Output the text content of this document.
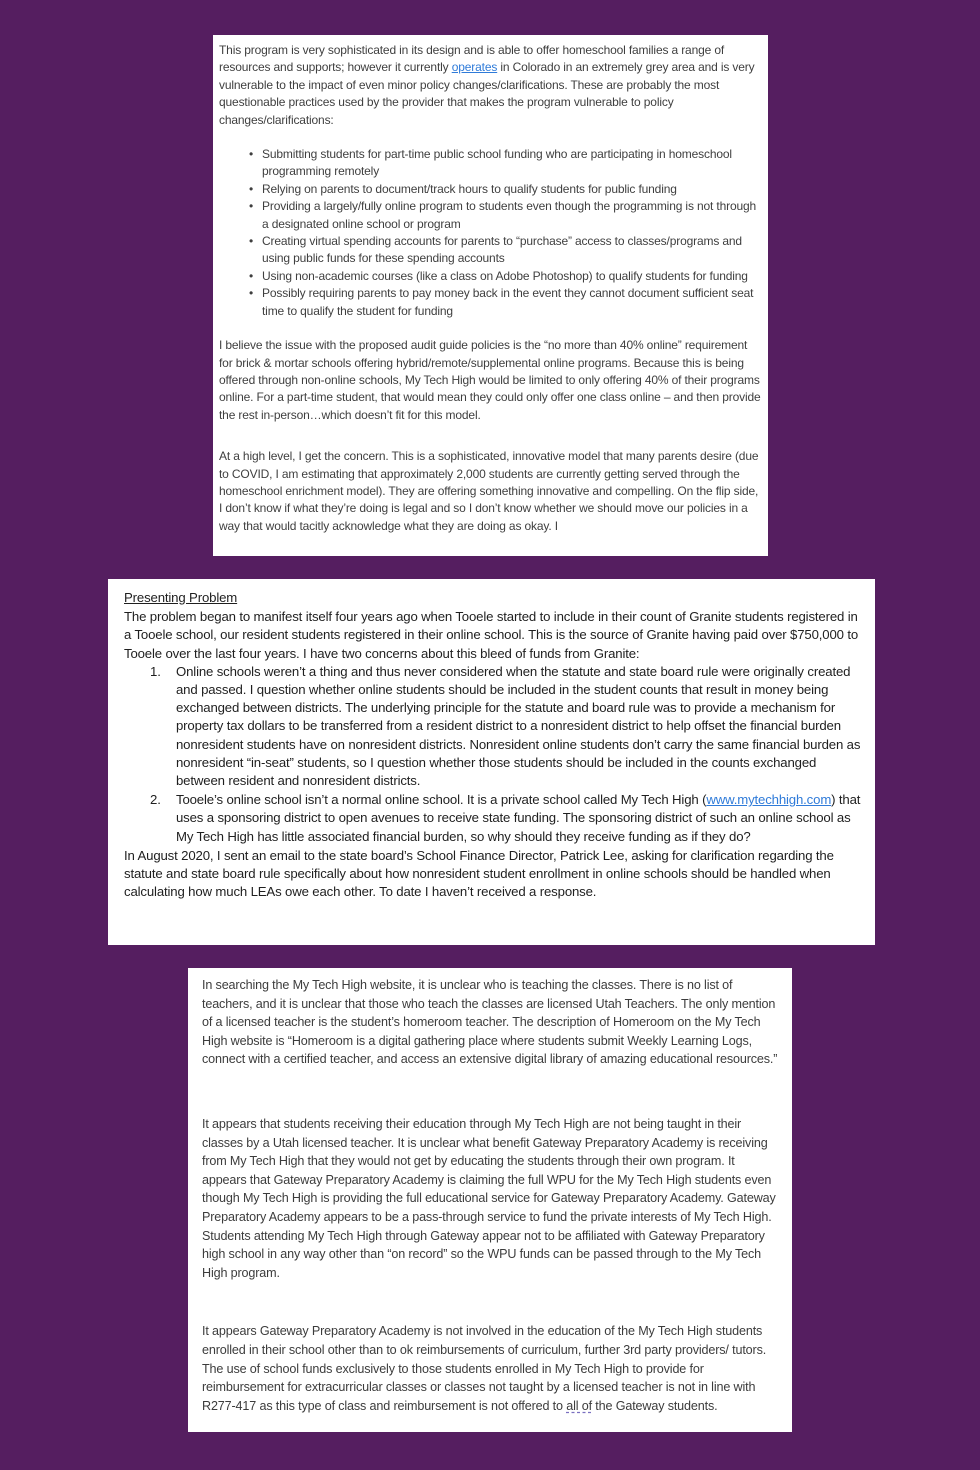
This program is very sophisticated in its design and is able to offer homeschool families a range of resources and supports; however it currently operates in Colorado in an extremely grey area and is very vulnerable to the impact of even minor policy changes/clarifications. These are probably the most questionable practices used by the provider that makes the program vulnerable to policy changes/clarifications:

• Submitting students for part-time public school funding who are participating in homeschool programming remotely
• Relying on parents to document/track hours to qualify students for public funding
• Providing a largely/fully online program to students even though the programming is not through a designated online school or program
• Creating virtual spending accounts for parents to “purchase” access to classes/programs and using public funds for these spending accounts
• Using non-academic courses (like a class on Adobe Photoshop) to qualify students for funding
• Possibly requiring parents to pay money back in the event they cannot document sufficient seat time to qualify the student for funding

I believe the issue with the proposed audit guide policies is the “no more than 40% online” requirement for brick & mortar schools offering hybrid/remote/supplemental online programs. Because this is being offered through non-online schools, My Tech High would be limited to only offering 40% of their programs online. For a part-time student, that would mean they could only offer one class online – and then provide the rest in-person…which doesn’t fit for this model.

At a high level, I get the concern. This is a sophisticated, innovative model that many parents desire (due to COVID, I am estimating that approximately 2,000 students are currently getting served through the homeschool enrichment model). They are offering something innovative and compelling. On the flip side, I don’t know if what they’re doing is legal and so I don’t know whether we should move our policies in a way that would tacitly acknowledge what they are doing as okay. I

Presenting Problem

The problem began to manifest itself four years ago when Tooele started to include in their count of Granite students registered in a Tooele school, our resident students registered in their online school. This is the source of Granite having paid over $750,000 to Tooele over the last four years. I have two concerns about this bleed of funds from Granite:

Online schools weren’t a thing and thus never considered when the statute and state board rule were originally created and passed. I question whether online students should be included in the student counts that result in money being exchanged between districts. The underlying principle for the statute and board rule was to provide a mechanism for property tax dollars to be transferred from a resident district to a nonresident district to help offset the financial burden nonresident students have on nonresident districts. Nonresident online students don’t carry the same financial burden as nonresident “in-seat” students, so I question whether those students should be included in the counts exchanged between resident and nonresident districts.
Tooele’s online school isn’t a normal online school. It is a private school called My Tech High (www.mytechhigh.com) that uses a sponsoring district to open avenues to receive state funding. The sponsoring district of such an online school as My Tech High has little associated financial burden, so why should they receive funding as if they do?

In August 2020, I sent an email to the state board’s School Finance Director, Patrick Lee, asking for clarification regarding the statute and state board rule specifically about how nonresident student enrollment in online schools should be handled when calculating how much LEAs owe each other. To date I haven’t received a response.

In searching the My Tech High website, it is unclear who is teaching the classes. There is no list of teachers, and it is unclear that those who teach the classes are licensed Utah Teachers. The only mention of a licensed teacher is the student’s homeroom teacher. The description of Homeroom on the My Tech High website is “Homeroom is a digital gathering place where students submit Weekly Learning Logs, connect with a certified teacher, and access an extensive digital library of amazing educational resources.”

It appears that students receiving their education through My Tech High are not being taught in their classes by a Utah licensed teacher. It is unclear what benefit Gateway Preparatory Academy is receiving from My Tech High that they would not get by educating the students through their own program. It appears that Gateway Preparatory Academy is claiming the full WPU for the My Tech High students even though My Tech High is providing the full educational service for Gateway Preparatory Academy. Gateway Preparatory Academy appears to be a pass-through service to fund the private interests of My Tech High. Students attending My Tech High through Gateway appear not to be affiliated with Gateway Preparatory high school in any way other than “on record” so the WPU funds can be passed through to the My Tech High program.

It appears Gateway Preparatory Academy is not involved in the education of the My Tech High students enrolled in their school other than to ok reimbursements of curriculum, further 3rd party providers/ tutors. The use of school funds exclusively to those students enrolled in My Tech High to provide for reimbursement for extracurricular classes or classes not taught by a licensed teacher is not in line with R277-417 as this type of class and reimbursement is not offered to all of the Gateway students.
